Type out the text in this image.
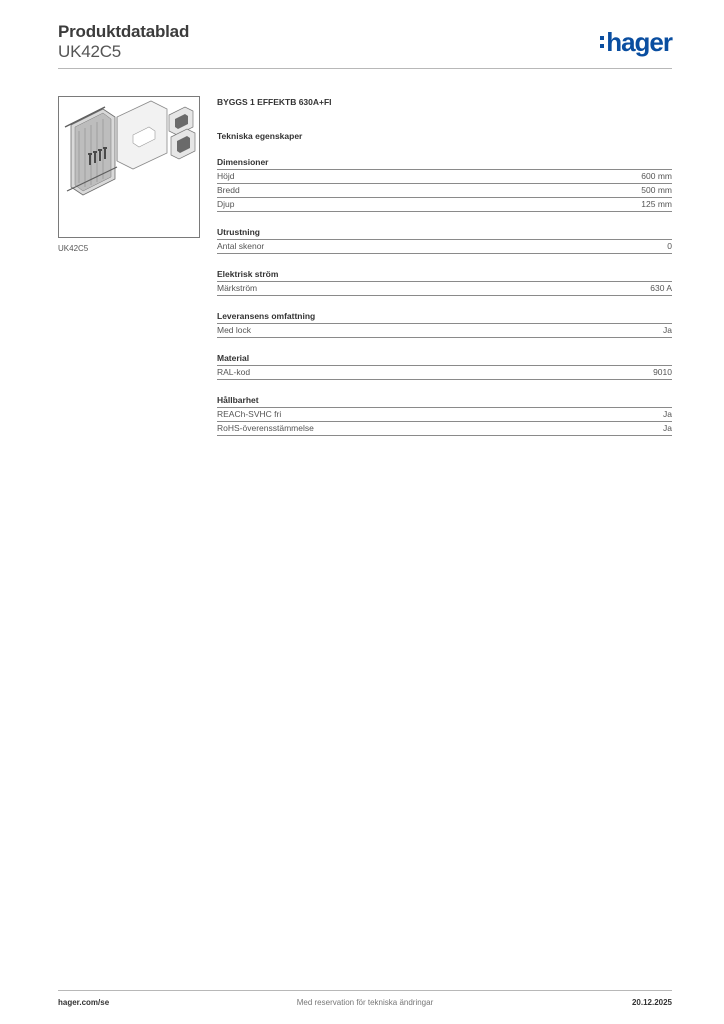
Produktdatablad
UK42C5	hager
UK42C5
BYGGS 1 EFFEKTB 630A+FI
Tekniska egenskaper
Dimensioner
Höjd	600 mm
Bredd	500 mm
Djup	125 mm
Utrustning
Antal skenor	0
Elektrisk ström
Märkström	630 A
Leveransens omfattning
Med lock	Ja
Material
RAL-kod	9010
Hållbarhet
REACh-SVHC fri	Ja
RoHS-överensstämmelse	Ja
hager.com/se	Med reservation för tekniska ändringar	20.12.2025
